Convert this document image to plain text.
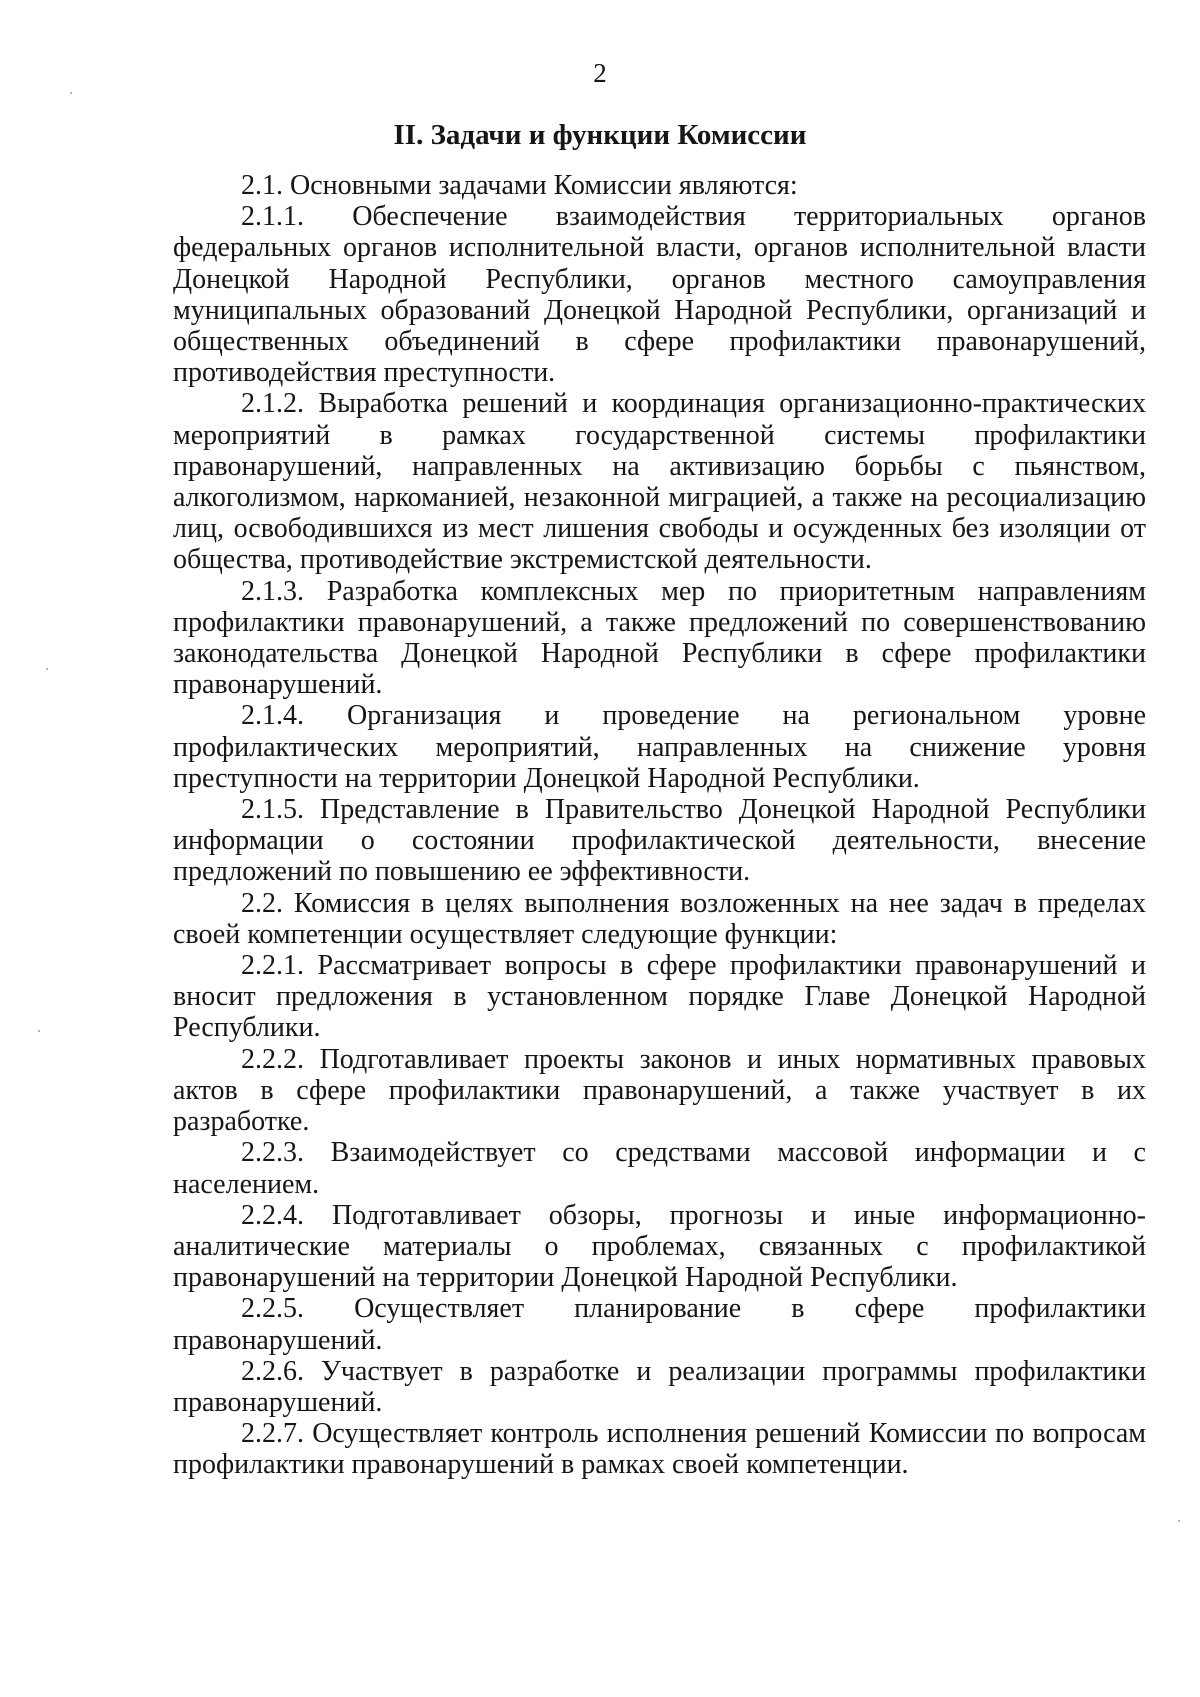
2
II. Задачи и функции Комиссии

2.1. Основными задачами Комиссии являются:

2.1.1. Обеспечение взаимодействия территориальных органов федеральных органов исполнительной власти, органов исполнительной власти Донецкой Народной Республики, органов местного самоуправления муниципальных образований Донецкой Народной Республики, организаций и общественных объединений в сфере профилактики правонарушений, противодействия преступности.

2.1.2. Выработка решений и координация организационно-практических мероприятий в рамках государственной системы профилактики правонарушений, направленных на активизацию борьбы с пьянством, алкоголизмом, наркоманией, незаконной миграцией, а также на ресоциализацию лиц, освободившихся из мест лишения свободы и осужденных без изоляции от общества, противодействие экстремистской деятельности.

2.1.3. Разработка комплексных мер по приоритетным направлениям профилактики правонарушений, а также предложений по совершенствованию законодательства Донецкой Народной Республики в сфере профилактики правонарушений.

2.1.4. Организация и проведение на региональном уровне профилактических мероприятий, направленных на снижение уровня преступности на территории Донецкой Народной Республики.

2.1.5. Представление в Правительство Донецкой Народной Республики информации о состоянии профилактической деятельности, внесение предложений по повышению ее эффективности.

2.2. Комиссия в целях выполнения возложенных на нее задач в пределах своей компетенции осуществляет следующие функции:

2.2.1. Рассматривает вопросы в сфере профилактики правонарушений и вносит предложения в установленном порядке Главе Донецкой Народной Республики.

2.2.2. Подготавливает проекты законов и иных нормативных правовых актов в сфере профилактики правонарушений, а также участвует в их разработке.

2.2.3. Взаимодействует со средствами массовой информации и с населением.

2.2.4. Подготавливает обзоры, прогнозы и иные информационно-аналитические материалы о проблемах, связанных с профилактикой правонарушений на территории Донецкой Народной Республики.

2.2.5. Осуществляет планирование в сфере профилактики правонарушений.

2.2.6. Участвует в разработке и реализации программы профилактики правонарушений.

2.2.7. Осуществляет контроль исполнения решений Комиссии по вопросам профилактики правонарушений в рамках своей компетенции.
